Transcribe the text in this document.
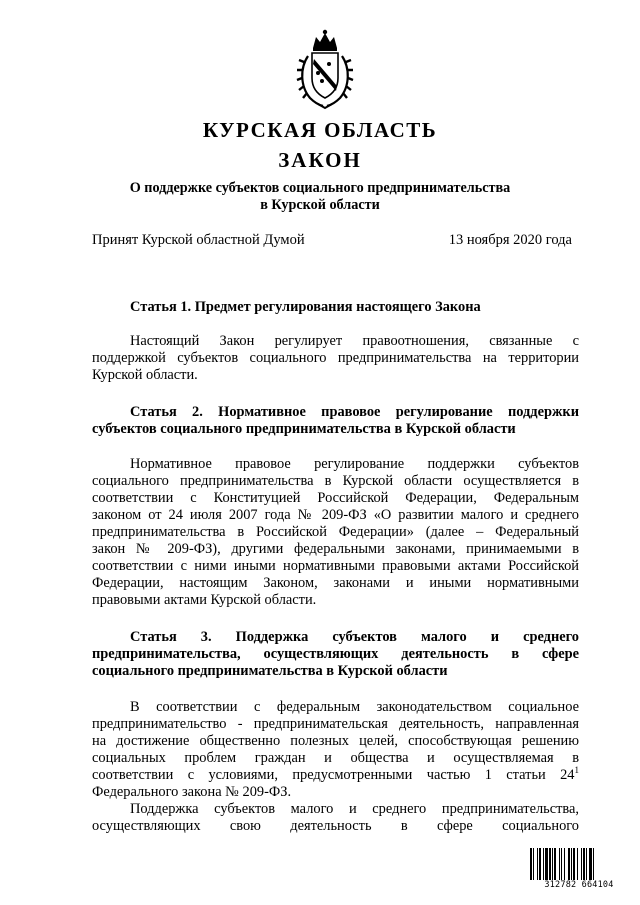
КУРСКАЯ ОБЛАСТЬ
ЗАКОН
О поддержке субъектов социального предпринимательства
в Курской области
Принят Курской областной Думой	13 ноября 2020 года
Статья 1. Предмет регулирования настоящего Закона
Настоящий Закон регулирует правоотношения, связанные с
поддержкой субъектов социального предпринимательства на территории
Курской области.
Статья 2. Нормативное правовое регулирование поддержки
субъектов социального предпринимательства в Курской области
Нормативное правовое регулирование поддержки субъектов
социального предпринимательства в Курской области осуществляется в
соответствии с Конституцией Российской Федерации, Федеральным
законом от 24 июля 2007 года № 209-ФЗ «О развитии малого и среднего
предпринимательства в Российской Федерации» (далее – Федеральный
закон № 209-ФЗ), другими федеральными законами, принимаемыми в
соответствии с ними иными нормативными правовыми актами Российской
Федерации, настоящим Законом, законами и иными нормативными
правовыми актами Курской области.
Статья 3. Поддержка субъектов малого и среднего
предпринимательства, осуществляющих деятельность в сфере
социального предпринимательства в Курской области
В соответствии с федеральным законодательством социальное
предпринимательство - предпринимательская деятельность, направленная
на достижение общественно полезных целей, способствующая решению
социальных проблем граждан и общества и осуществляемая в
соответствии с условиями, предусмотренными частью 1 статьи $24^1$
Федерального закона № 209-ФЗ.
Поддержка субъектов малого и среднего предпринимательства,
осуществляющих свою деятельность в сфере социального
312782 664104
